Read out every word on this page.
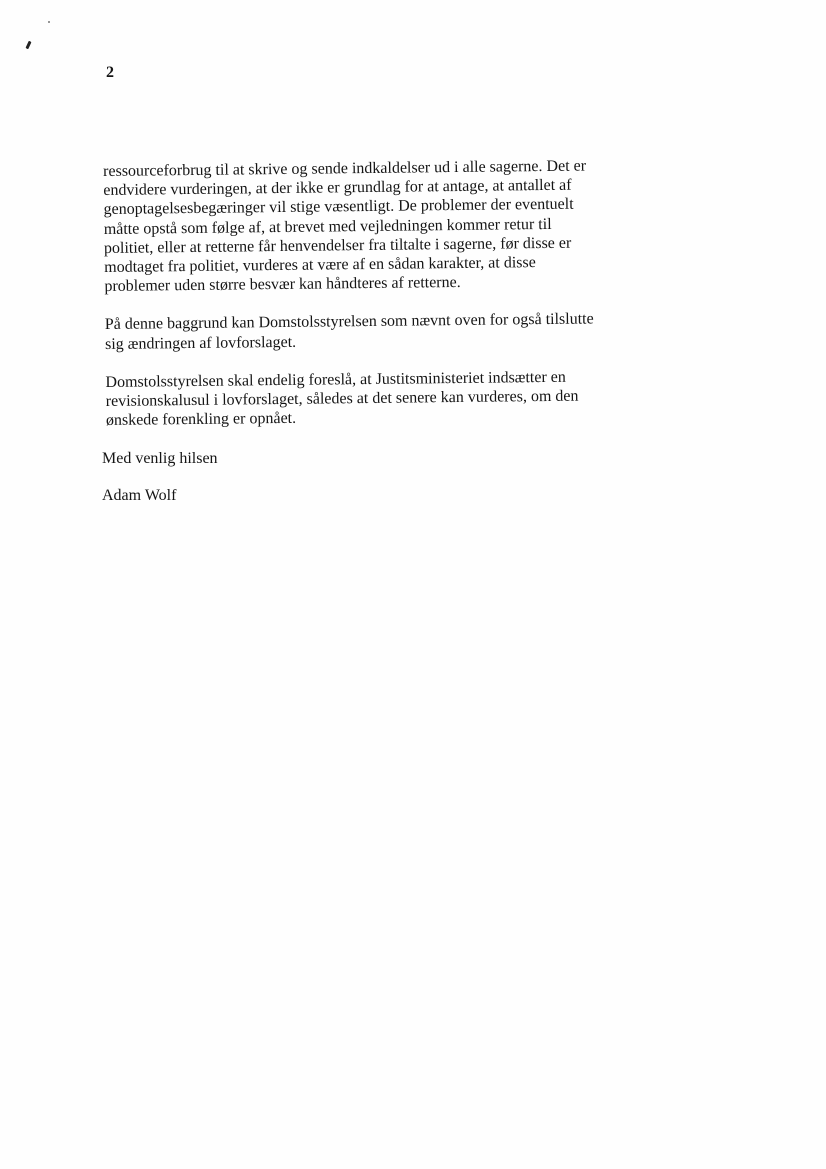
2

ressourceforbrug til at skrive og sende indkaldelser ud i alle sagerne. Det er
endvidere vurderingen, at der ikke er grundlag for at antage, at antallet af
genoptagelsesbegæringer vil stige væsentligt. De problemer der eventuelt
måtte opstå som følge af, at brevet med vejledningen kommer retur til
politiet, eller at retterne får henvendelser fra tiltalte i sagerne, før disse er
modtaget fra politiet, vurderes at være af en sådan karakter, at disse
problemer uden større besvær kan håndteres af retterne.

På denne baggrund kan Domstolsstyrelsen som nævnt oven for også tilslutte
sig ændringen af lovforslaget.

Domstolsstyrelsen skal endelig foreslå, at Justitsministeriet indsætter en
revisionskalusul i lovforslaget, således at det senere kan vurderes, om den
ønskede forenkling er opnået.

Med venlig hilsen
Adam Wolf
